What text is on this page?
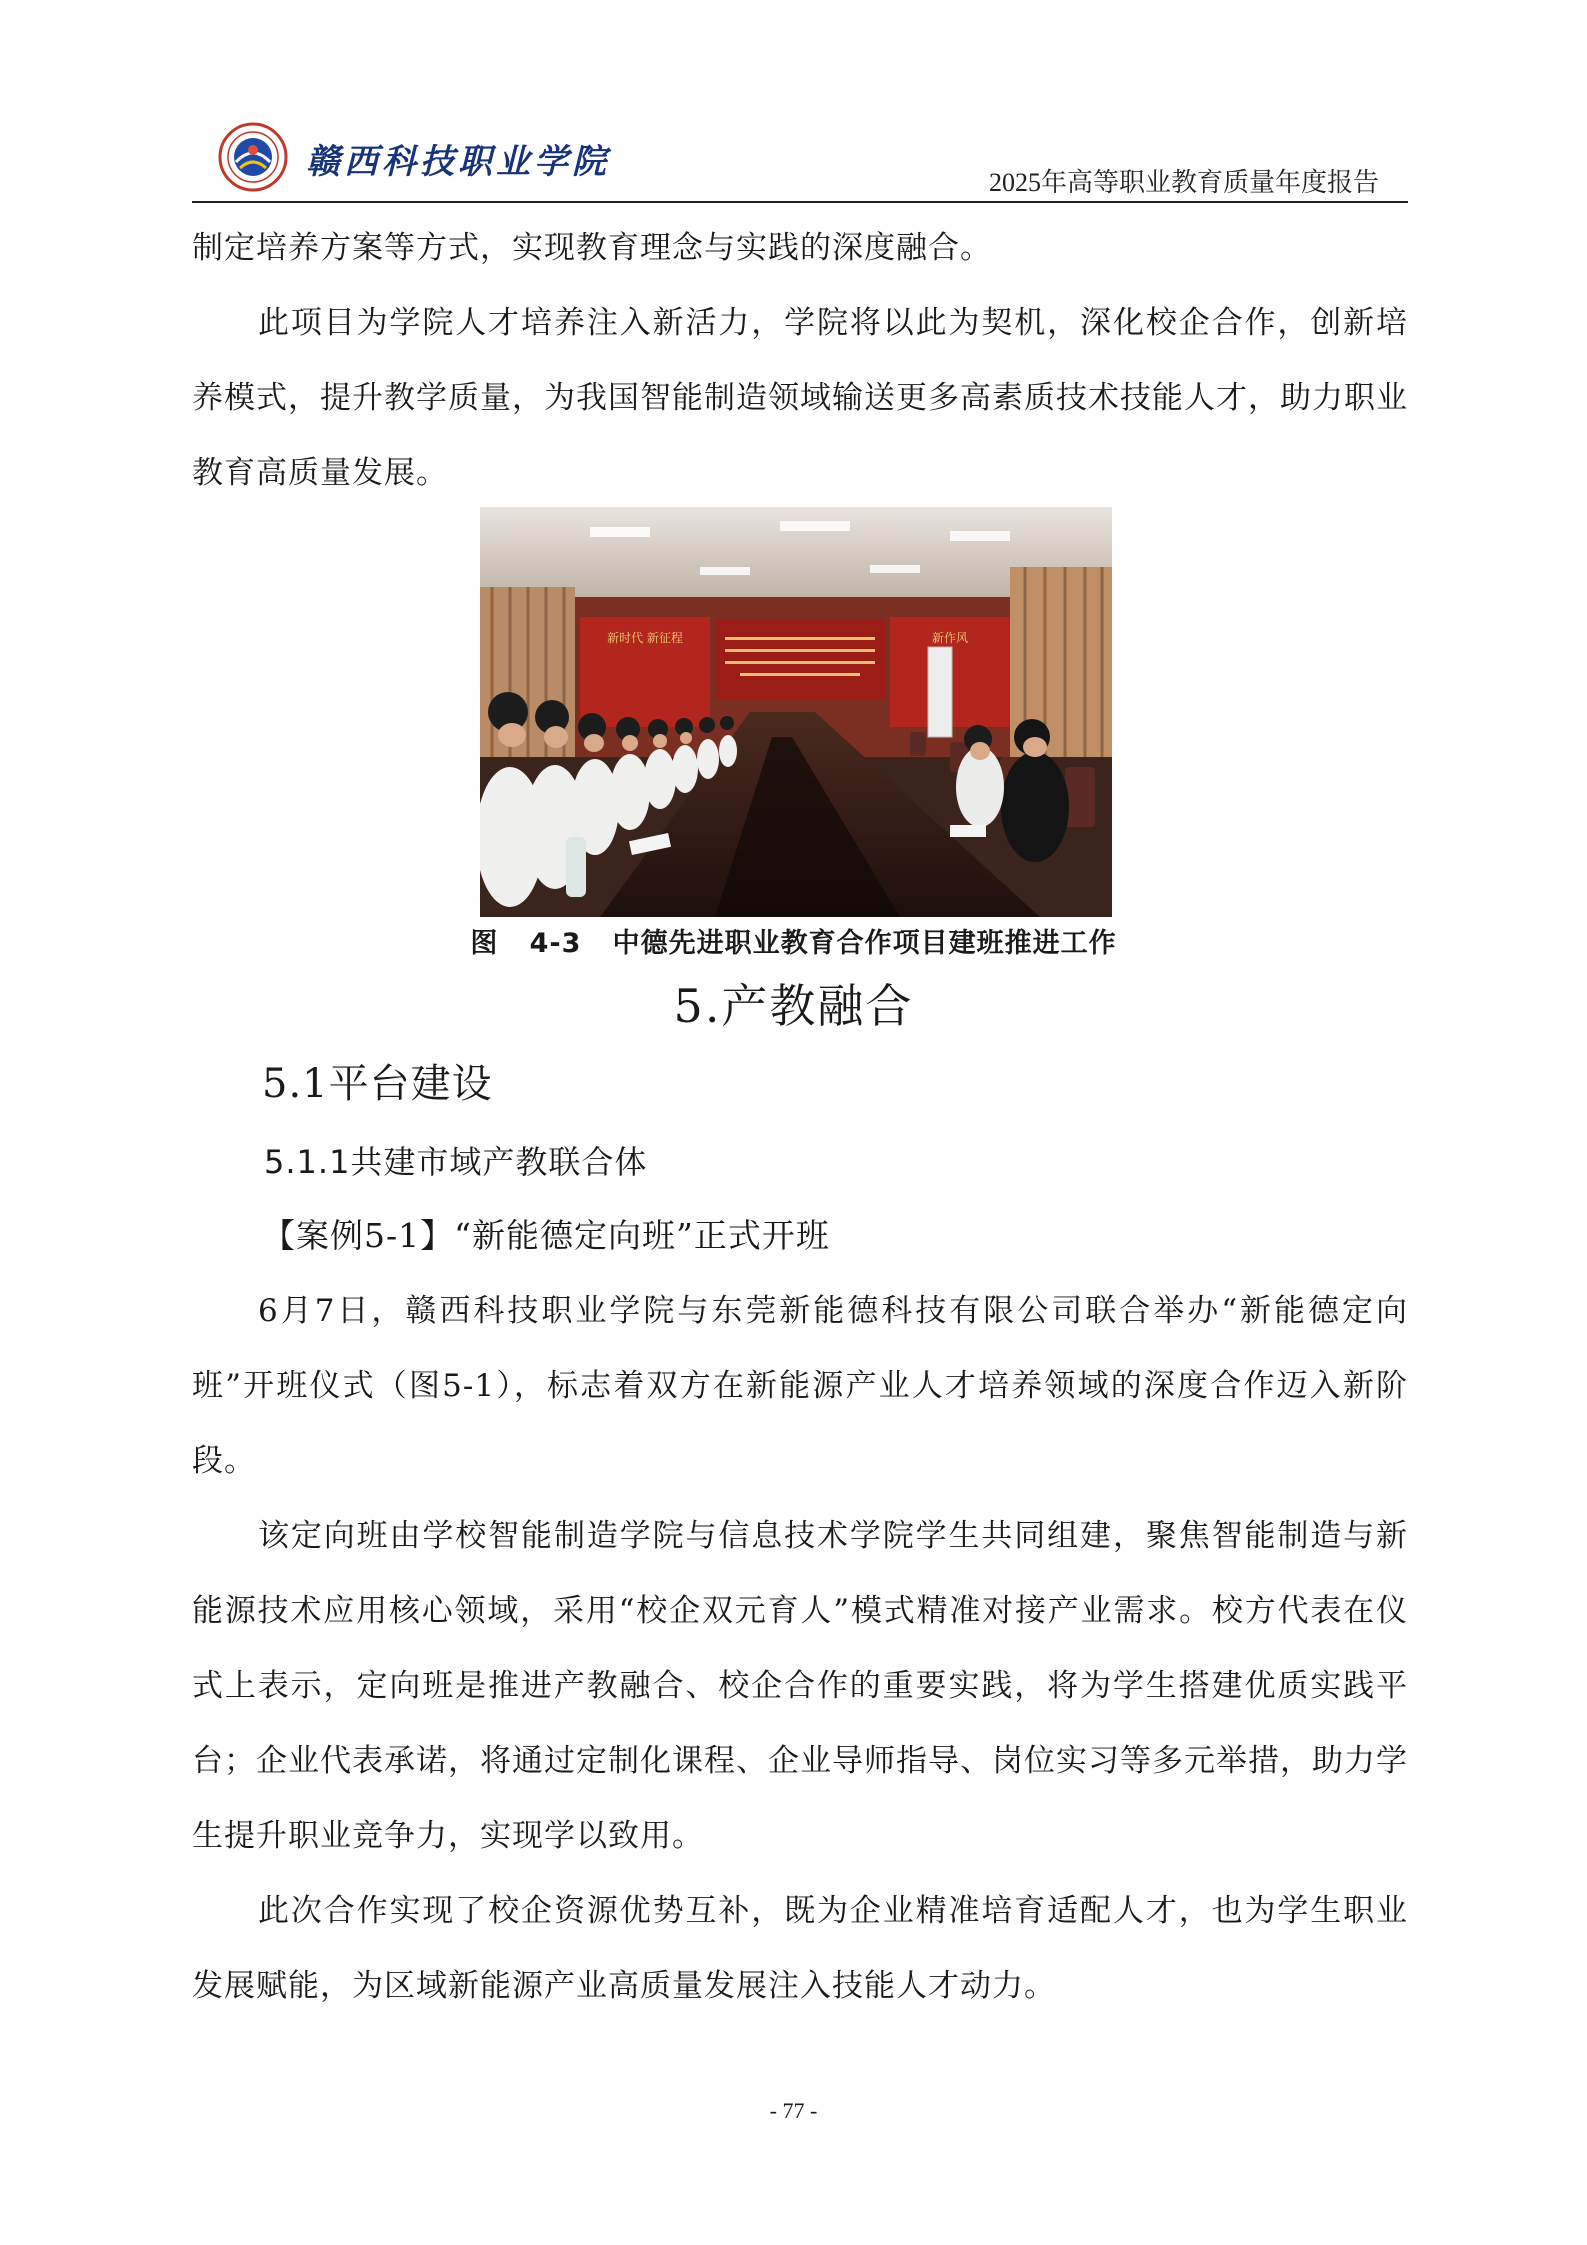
赣西科技职业学院
2025年高等职业教育质量年度报告

制定培养方案等方式，实现教育理念与实践的深度融合。

此项目为学院人才培养注入新活力，学院将以此为契机，深化校企合作，创新培养模式，提升教学质量，为我国智能制造领域输送更多高素质技术技能人才，助力职业教育高质量发展。

新时代 新征程	新作风
图   4-3   中德先进职业教育合作项目建班推进工作
5.产教融合
5.1平台建设
5.1.1共建市域产教联合体
【案例5-1】“新能德定向班”正式开班

6月7日，赣西科技职业学院与东莞新能德科技有限公司联合举办“新能德定向班”开班仪式（图5-1），标志着双方在新能源产业人才培养领域的深度合作迈入新阶段。

该定向班由学校智能制造学院与信息技术学院学生共同组建，聚焦智能制造与新能源技术应用核心领域，采用“校企双元育人”模式精准对接产业需求。校方代表在仪式上表示，定向班是推进产教融合、校企合作的重要实践，将为学生搭建优质实践平台；企业代表承诺，将通过定制化课程、企业导师指导、岗位实习等多元举措，助力学生提升职业竞争力，实现学以致用。

此次合作实现了校企资源优势互补，既为企业精准培育适配人才，也为学生职业发展赋能，为区域新能源产业高质量发展注入技能人才动力。

- 77 -
